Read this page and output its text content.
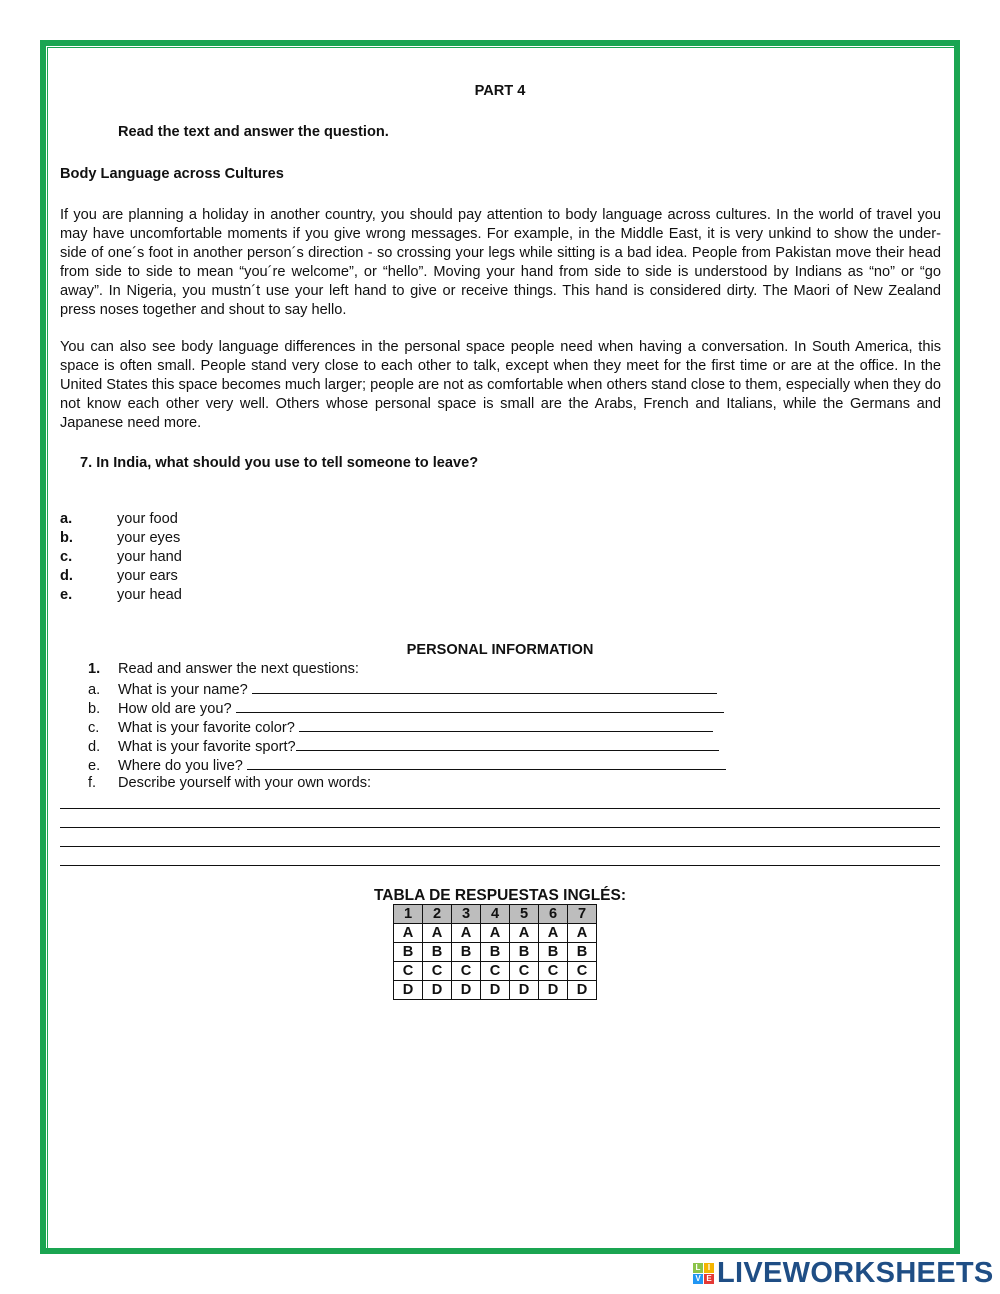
PART 4
Read the text and answer the question.
Body Language across Cultures
If you are planning a holiday in another country, you should pay attention to body language across cultures. In the world of travel you may have uncomfortable moments if you give wrong messages. For example, in the Middle East, it is very unkind to show the under-side of one´s foot in another person´s direction - so crossing your legs while sitting is a bad idea. People from Pakistan move their head from side to side to mean “you´re welcome”, or “hello”. Moving your hand from side to side is understood by Indians as “no” or “go away”. In Nigeria, you mustn´t use your left hand to give or receive things. This hand is considered dirty. The Maori of New Zealand press noses together and shout to say hello.
You can also see body language differences in the personal space people need when having a conversation. In South America, this space is often small. People stand very close to each other to talk, except when they meet for the first time or are at the office. In the United States this space becomes much larger; people are not as comfortable when others stand close to them, especially when they do not know each other very well. Others whose personal space is small are the Arabs, French and Italians, while the Germans and Japanese need more.
7. In India, what should you use to tell someone to leave?
a.	your food
b.	your eyes
c.	your hand
d.	your ears
e.	your head
PERSONAL INFORMATION
1. Read and answer the next questions:
a. What is your name?
b. How old are you?
c. What is your favorite color?
d. What is your favorite sport?
e. Where do you live?
f. Describe yourself with your own words:
TABLA DE RESPUESTAS INGLÉS:
1	2	3	4	5	6	7
A	A	A	A	A	A	A
B	B	B	B	B	B	B
C	C	C	C	C	C	C
D	D	D	D	D	D	D
L I
V E LIVEWORKSHEETS
